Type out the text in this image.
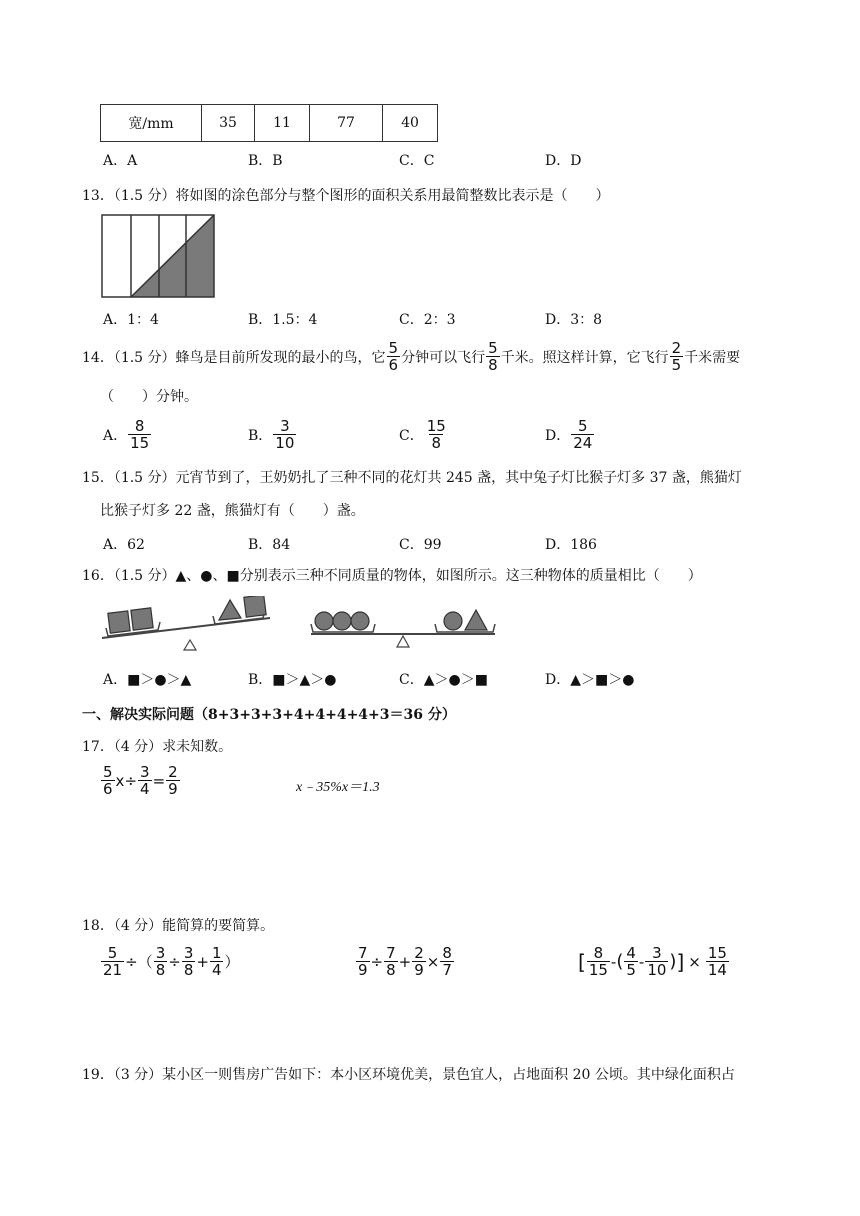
宽/mm	35	11	77	40
A．A	B．B	C．C	D．D
13．（1.5 分）将如图的涂色部分与整个图形的面积关系用最简整数比表示是（　　）
A．1：4	B．1.5：4	C．2：3	D．3：8
14．（1.5 分）蜂鸟是目前所发现的最小的鸟，它 $\frac{5}{6}$ 分钟可以飞行 $\frac{5}{8}$ 千米。照这样计算，它飞行 $\frac{2}{5}$ 千米需要
（　　）分钟。
A． $\frac{8}{15}$	B． $\frac{3}{10}$	C． $\frac{15}{8}$	D． $\frac{5}{24}$
15．（1.5 分）元宵节到了，王奶奶扎了三种不同的花灯共 245 盏，其中兔子灯比猴子灯多 37 盏，熊猫灯
比猴子灯多 22 盏，熊猫灯有（　　）盏。
A．62	B．84	C．99	D．186
16．（1.5 分）▲、●、■分别表示三种不同质量的物体，如图所示。这三种物体的质量相比（　　）
A．■＞●＞▲	B．■＞▲＞●	C．▲＞●＞■	D．▲＞■＞●
一、解决实际问题（8+3+3+3+4+4+4+4+3＝36 分）
17．（4 分）求未知数。
$\frac{5}{6}$ $x \div \frac{3}{4} = \frac{2}{9}$	x﹣35%x＝1.3
18．（4 分）能简算的要简算。
$\frac{5}{21}$ ÷ （ $\frac{3}{8} \div \frac{3}{8} + \frac{1}{4}$ ）	$\frac{7}{9} \div \frac{7}{8} + \frac{2}{9} \times \frac{8}{7}$	[ $\frac{8}{15}$ - ( $\frac{4}{5} - \frac{3}{10}$ ) ] × $\frac{15}{14}$
19．（3 分）某小区一则售房广告如下：本小区环境优美，景色宜人，占地面积 20 公顷。其中绿化面积占
